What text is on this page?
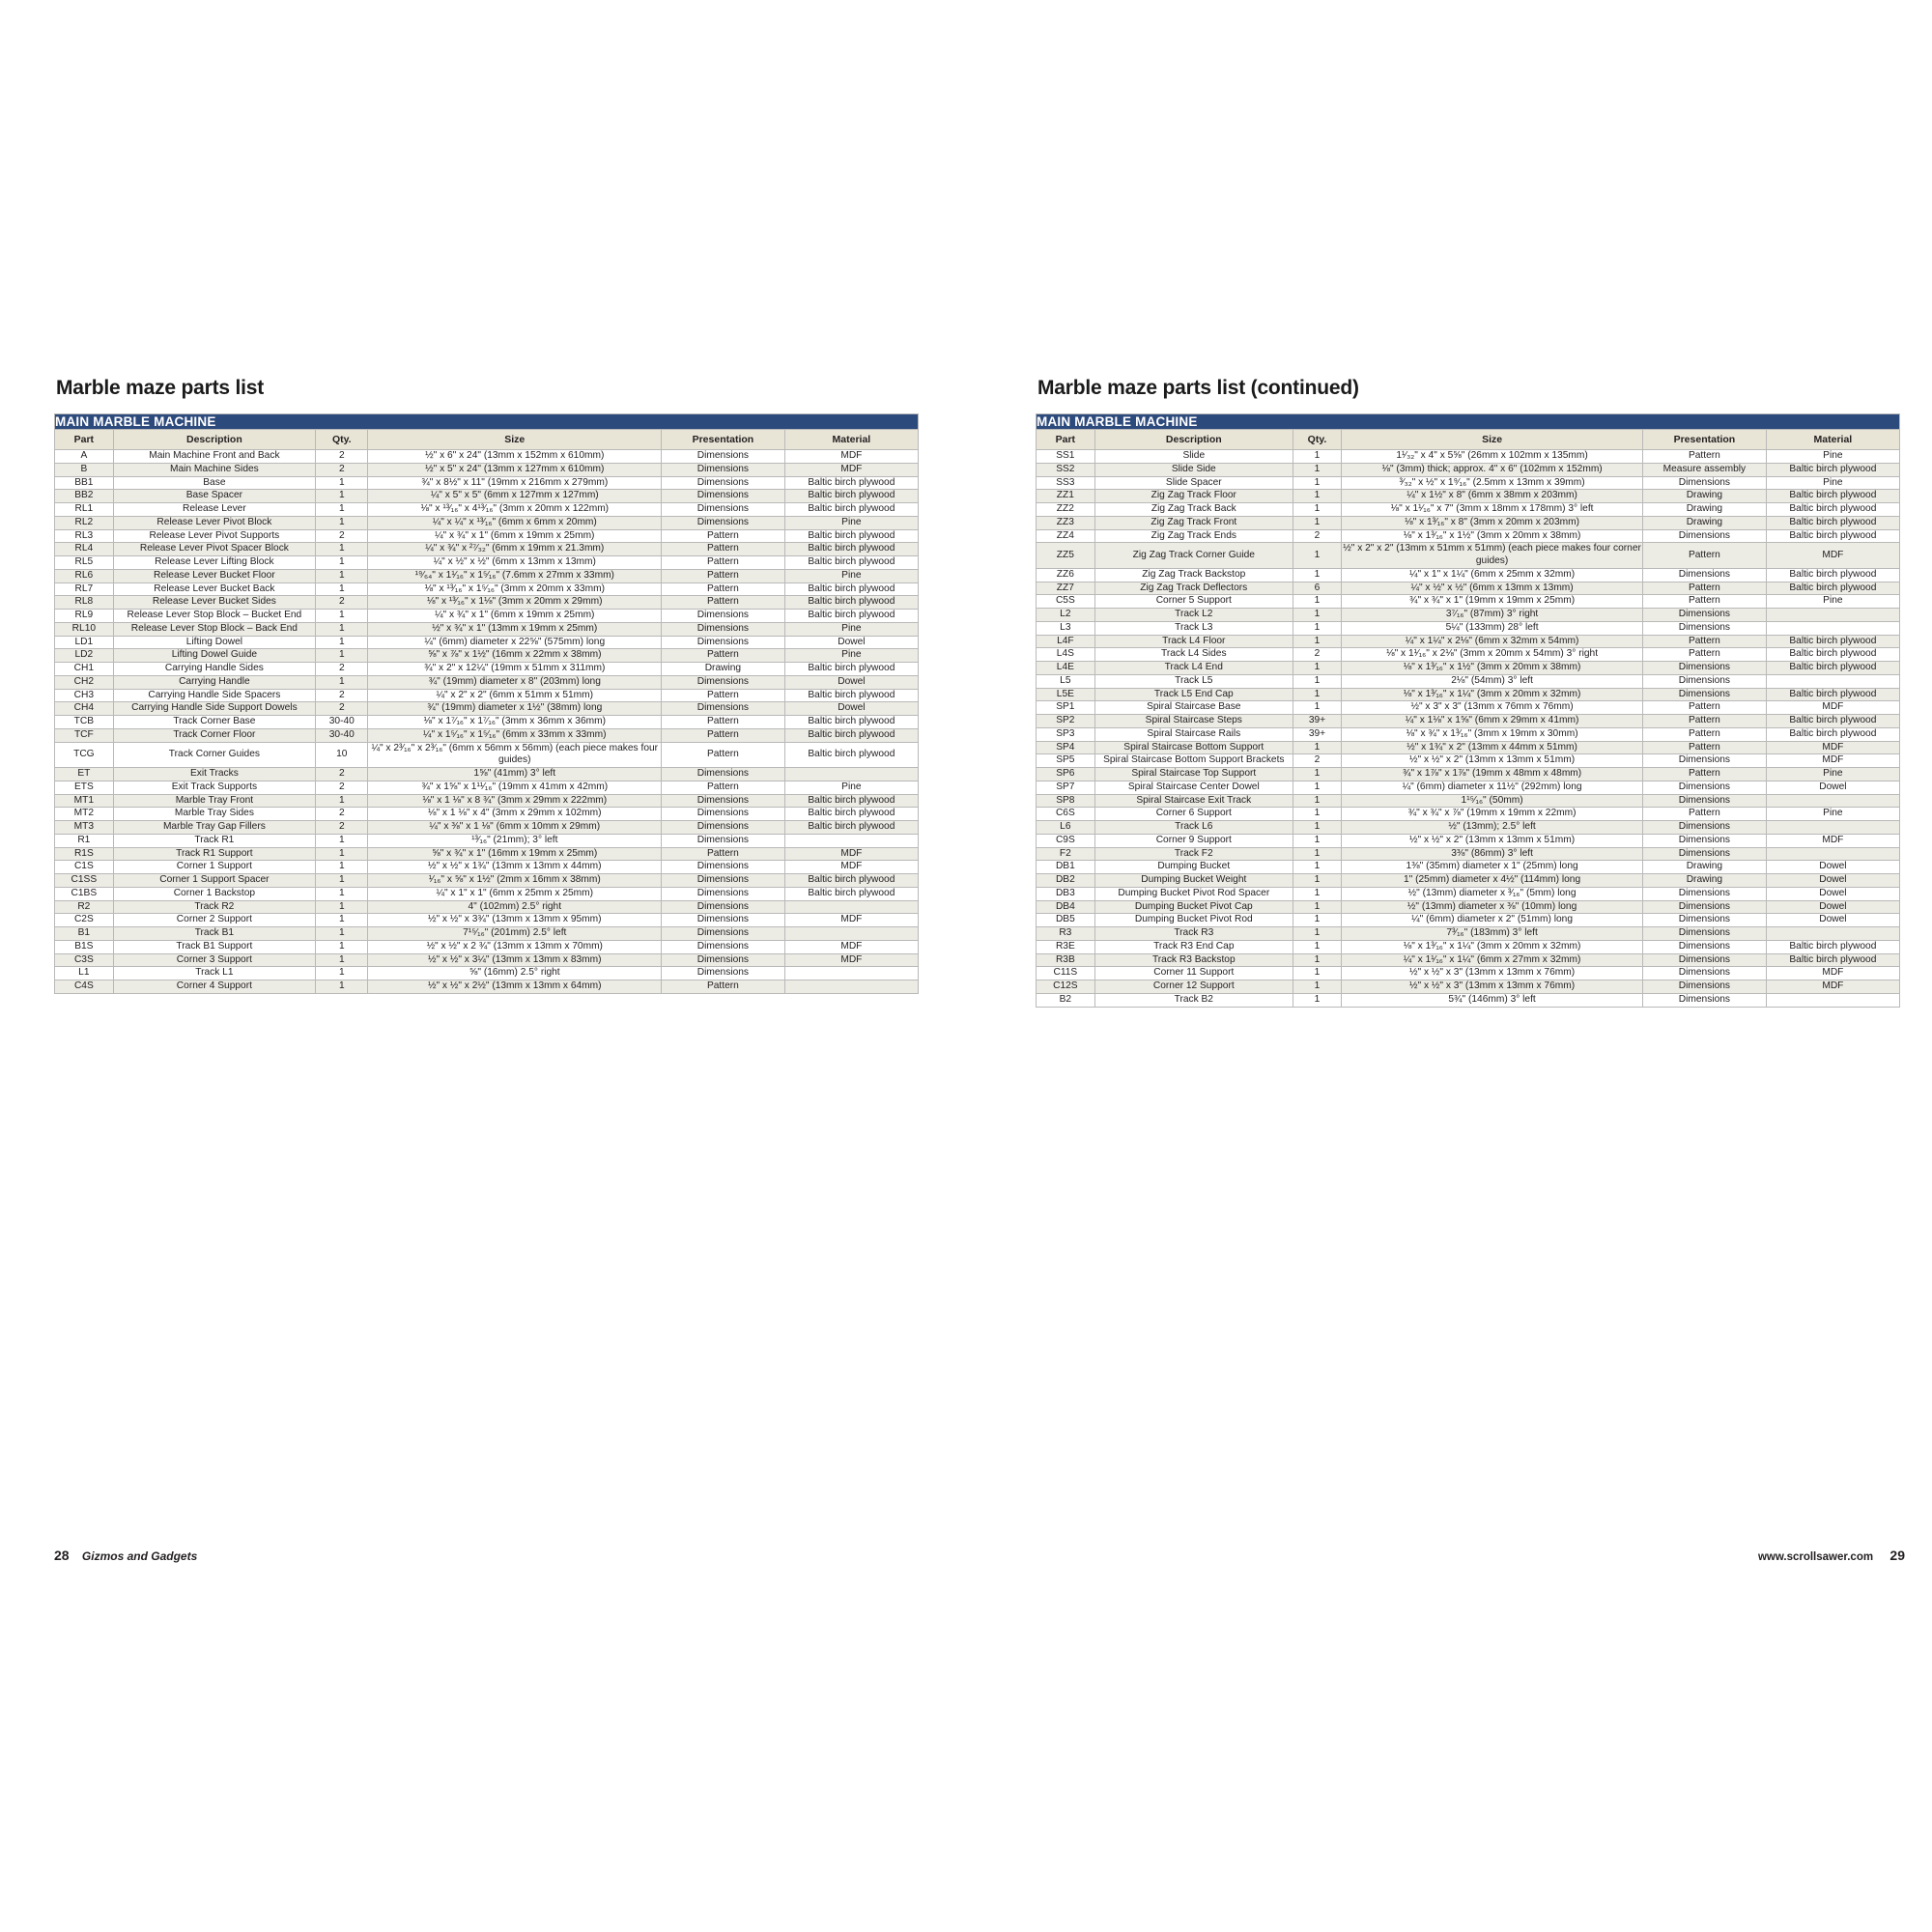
Marble maze parts list
MAIN MARBLE MACHINE					
Part	Description	Qty.	Size	Presentation	Material
A	Main Machine Front and Back	2	½" x 6" x 24" (13mm x 152mm x 610mm)	Dimensions	MDF
B	Main Machine Sides	2	½" x 5" x 24" (13mm x 127mm x 610mm)	Dimensions	MDF
BB1	Base	1	¾" x 8½" x 11" (19mm x 216mm x 279mm)	Dimensions	Baltic birch plywood
BB2	Base Spacer	1	¼" x 5" x 5" (6mm x 127mm x 127mm)	Dimensions	Baltic birch plywood
RL1	Release Lever	1	⅛" x ¹³⁄₁₆" x 4¹³⁄₁₆" (3mm x 20mm x 122mm)	Dimensions	Baltic birch plywood
RL2	Release Lever Pivot Block	1	¼" x ¼" x ¹³⁄₁₆" (6mm x 6mm x 20mm)	Dimensions	Pine
RL3	Release Lever Pivot Supports	2	¼" x ¾" x 1" (6mm x 19mm x 25mm)	Pattern	Baltic birch plywood
RL4	Release Lever Pivot Spacer Block	1	¼" x ¾" x ²⁷⁄₃₂" (6mm x 19mm x 21.3mm)	Pattern	Baltic birch plywood
RL5	Release Lever Lifting Block	1	¼" x ½" x ½" (6mm x 13mm x 13mm)	Pattern	Baltic birch plywood
RL6	Release Lever Bucket Floor	1	¹⁹⁄₆₄" x 1¹⁄₁₆" x 1⁵⁄₁₆" (7.6mm x 27mm x 33mm)	Pattern	Pine
RL7	Release Lever Bucket Back	1	⅛" x ¹³⁄₁₆" x 1⁵⁄₁₆" (3mm x 20mm x 33mm)	Pattern	Baltic birch plywood
RL8	Release Lever Bucket Sides	2	⅛" x ¹³⁄₁₆" x 1⅛" (3mm x 20mm x 29mm)	Pattern	Baltic birch plywood
RL9	Release Lever Stop Block – Bucket End	1	¼" x ¾" x 1" (6mm x 19mm x 25mm)	Dimensions	Baltic birch plywood
RL10	Release Lever Stop Block – Back End	1	½" x ¾" x 1" (13mm x 19mm x 25mm)	Dimensions	Pine
LD1	Lifting Dowel	1	¼" (6mm) diameter x 22⅝" (575mm) long	Dimensions	Dowel
LD2	Lifting Dowel Guide	1	⅝" x ⅞" x 1½" (16mm x 22mm x 38mm)	Pattern	Pine
CH1	Carrying Handle Sides	2	¾" x 2" x 12¼" (19mm x 51mm x 311mm)	Drawing	Baltic birch plywood
CH2	Carrying Handle	1	¾" (19mm) diameter x 8" (203mm) long	Dimensions	Dowel
CH3	Carrying Handle Side Spacers	2	¼" x 2" x 2" (6mm x 51mm x 51mm)	Pattern	Baltic birch plywood
CH4	Carrying Handle Side Support Dowels	2	¾" (19mm) diameter x 1½" (38mm) long	Dimensions	Dowel
TCB	Track Corner Base	30-40	⅛" x 1⁷⁄₁₆" x 1⁷⁄₁₆" (3mm x 36mm x 36mm)	Pattern	Baltic birch plywood
TCF	Track Corner Floor	30-40	¼" x 1⁵⁄₁₆" x 1⁵⁄₁₆" (6mm x 33mm x 33mm)	Pattern	Baltic birch plywood
TCG	Track Corner Guides	10	¼" x 2³⁄₁₆" x 2³⁄₁₆" (6mm x 56mm x 56mm) (each piece makes four guides)	Pattern	Baltic birch plywood
ET	Exit Tracks	2	1⅝" (41mm) 3° left	Dimensions	
ETS	Exit Track Supports	2	¾" x 1⅝" x 1¹¹⁄₁₆" (19mm x 41mm x 42mm)	Pattern	Pine
MT1	Marble Tray Front	1	⅛" x 1 ⅛" x 8 ¾" (3mm x 29mm x 222mm)	Dimensions	Baltic birch plywood
MT2	Marble Tray Sides	2	⅛" x 1 ⅛" x 4" (3mm x 29mm x 102mm)	Dimensions	Baltic birch plywood
MT3	Marble Tray Gap Fillers	2	¼" x ⅜" x 1 ⅛" (6mm x 10mm x 29mm)	Dimensions	Baltic birch plywood
R1	Track R1	1	¹³⁄₁₆" (21mm); 3° left	Dimensions	
R1S	Track R1 Support	1	⅝" x ¾" x 1" (16mm x 19mm x 25mm)	Pattern	MDF
C1S	Corner 1 Support	1	½" x ½" x 1¾" (13mm x 13mm x 44mm)	Dimensions	MDF
C1SS	Corner 1 Support Spacer	1	¹⁄₁₆" x ⅝" x 1½" (2mm x 16mm x 38mm)	Dimensions	Baltic birch plywood
C1BS	Corner 1 Backstop	1	¼" x 1" x 1" (6mm x 25mm x 25mm)	Dimensions	Baltic birch plywood
R2	Track R2	1	4" (102mm) 2.5° right	Dimensions	
C2S	Corner 2 Support	1	½" x ½" x 3¾" (13mm x 13mm x 95mm)	Dimensions	MDF
B1	Track B1	1	7¹⁵⁄₁₆" (201mm) 2.5° left	Dimensions	
B1S	Track B1 Support	1	½" x ½" x 2 ¾" (13mm x 13mm x 70mm)	Dimensions	MDF
C3S	Corner 3 Support	1	½" x ½" x 3¼" (13mm x 13mm x 83mm)	Dimensions	MDF
L1	Track L1	1	⅝" (16mm) 2.5° right	Dimensions	
C4S	Corner 4 Support	1	½" x ½" x 2½" (13mm x 13mm x 64mm)	Pattern	
Marble maze parts list (continued)
MAIN MARBLE MACHINE					
Part	Description	Qty.	Size	Presentation	Material
SS1	Slide	1	1¹⁄₃₂" x 4" x 5⅝" (26mm x 102mm x 135mm)	Pattern	Pine
SS2	Slide Side	1	⅛" (3mm) thick; approx. 4" x 6" (102mm x 152mm)	Measure assembly	Baltic birch plywood
SS3	Slide Spacer	1	³⁄₃₂" x ½" x 1⁹⁄₁₆" (2.5mm x 13mm x 39mm)	Dimensions	Pine
ZZ1	Zig Zag Track Floor	1	¼" x 1½" x 8" (6mm x 38mm x 203mm)	Drawing	Baltic birch plywood
ZZ2	Zig Zag Track Back	1	⅛" x 1¹⁄₁₆" x 7" (3mm x 18mm x 178mm) 3° left	Drawing	Baltic birch plywood
ZZ3	Zig Zag Track Front	1	⅛" x 1³⁄₁₆" x 8" (3mm x 20mm x 203mm)	Drawing	Baltic birch plywood
ZZ4	Zig Zag Track Ends	2	⅛" x 1³⁄₁₆" x 1½" (3mm x 20mm x 38mm)	Dimensions	Baltic birch plywood
ZZ5	Zig Zag Track Corner Guide	1	½" x 2" x 2" (13mm x 51mm x 51mm) (each piece makes four corner guides)	Pattern	MDF
ZZ6	Zig Zag Track Backstop	1	¼" x 1" x 1¼" (6mm x 25mm x 32mm)	Dimensions	Baltic birch plywood
ZZ7	Zig Zag Track Deflectors	6	¼" x ½" x ½" (6mm x 13mm x 13mm)	Pattern	Baltic birch plywood
C5S	Corner 5 Support	1	¾" x ¾" x 1" (19mm x 19mm x 25mm)	Pattern	Pine
L2	Track L2	1	3⁷⁄₁₆" (87mm) 3° right	Dimensions	
L3	Track L3	1	5¼" (133mm) 28° left	Dimensions	
L4F	Track L4 Floor	1	¼" x 1¼" x 2⅛" (6mm x 32mm x 54mm)	Pattern	Baltic birch plywood
L4S	Track L4 Sides	2	⅛" x 1¹⁄₁₆" x 2⅛" (3mm x 20mm x 54mm) 3° right	Pattern	Baltic birch plywood
L4E	Track L4 End	1	⅛" x 1³⁄₁₆" x 1½" (3mm x 20mm x 38mm)	Dimensions	Baltic birch plywood
L5	Track L5	1	2⅛" (54mm) 3° left	Dimensions	
L5E	Track L5 End Cap	1	⅛" x 1³⁄₁₆" x 1¼" (3mm x 20mm x 32mm)	Dimensions	Baltic birch plywood
SP1	Spiral Staircase Base	1	½" x 3" x 3" (13mm x 76mm x 76mm)	Pattern	MDF
SP2	Spiral Staircase Steps	39+	¼" x 1⅛" x 1⅝" (6mm x 29mm x 41mm)	Pattern	Baltic birch plywood
SP3	Spiral Staircase Rails	39+	⅛" x ¾" x 1³⁄₁₆" (3mm x 19mm x 30mm)	Pattern	Baltic birch plywood
SP4	Spiral Staircase Bottom Support	1	½" x 1¾" x 2" (13mm x 44mm x 51mm)	Pattern	MDF
SP5	Spiral Staircase Bottom Support Brackets	2	½" x ½" x 2" (13mm x 13mm x 51mm)	Dimensions	MDF
SP6	Spiral Staircase Top Support	1	¾" x 1⅞" x 1⅞" (19mm x 48mm x 48mm)	Pattern	Pine
SP7	Spiral Staircase Center Dowel	1	¼" (6mm) diameter x 11½" (292mm) long	Dimensions	Dowel
SP8	Spiral Staircase Exit Track	1	1¹⁵⁄₁₆" (50mm)	Dimensions	
C6S	Corner 6 Support	1	¾" x ¾" x ⅞" (19mm x 19mm x 22mm)	Pattern	Pine
L6	Track L6	1	½" (13mm); 2.5° left	Dimensions	
C9S	Corner 9 Support	1	½" x ½" x 2" (13mm x 13mm x 51mm)	Dimensions	MDF
F2	Track F2	1	3⅜" (86mm) 3° left	Dimensions	
DB1	Dumping Bucket	1	1⅜" (35mm) diameter x 1" (25mm) long	Drawing	Dowel
DB2	Dumping Bucket Weight	1	1" (25mm) diameter x 4½" (114mm) long	Drawing	Dowel
DB3	Dumping Bucket Pivot Rod Spacer	1	½" (13mm) diameter x ³⁄₁₆" (5mm) long	Dimensions	Dowel
DB4	Dumping Bucket Pivot Cap	1	½" (13mm) diameter x ⅜" (10mm) long	Dimensions	Dowel
DB5	Dumping Bucket Pivot Rod	1	¼" (6mm) diameter x 2" (51mm) long	Dimensions	Dowel
R3	Track R3	1	7³⁄₁₆" (183mm) 3° left	Dimensions	
R3E	Track R3 End Cap	1	⅛" x 1³⁄₁₆" x 1¼" (3mm x 20mm x 32mm)	Dimensions	Baltic birch plywood
R3B	Track R3 Backstop	1	¼" x 1¹⁄₁₆" x 1¼" (6mm x 27mm x 32mm)	Dimensions	Baltic birch plywood
C11S	Corner 11 Support	1	½" x ½" x 3" (13mm x 13mm x 76mm)	Dimensions	MDF
C12S	Corner 12 Support	1	½" x ½" x 3" (13mm x 13mm x 76mm)	Dimensions	MDF
B2	Track B2	1	5¾" (146mm) 3° left	Dimensions	
28 Gizmos and Gadgets	www.scrollsawer.com 29
